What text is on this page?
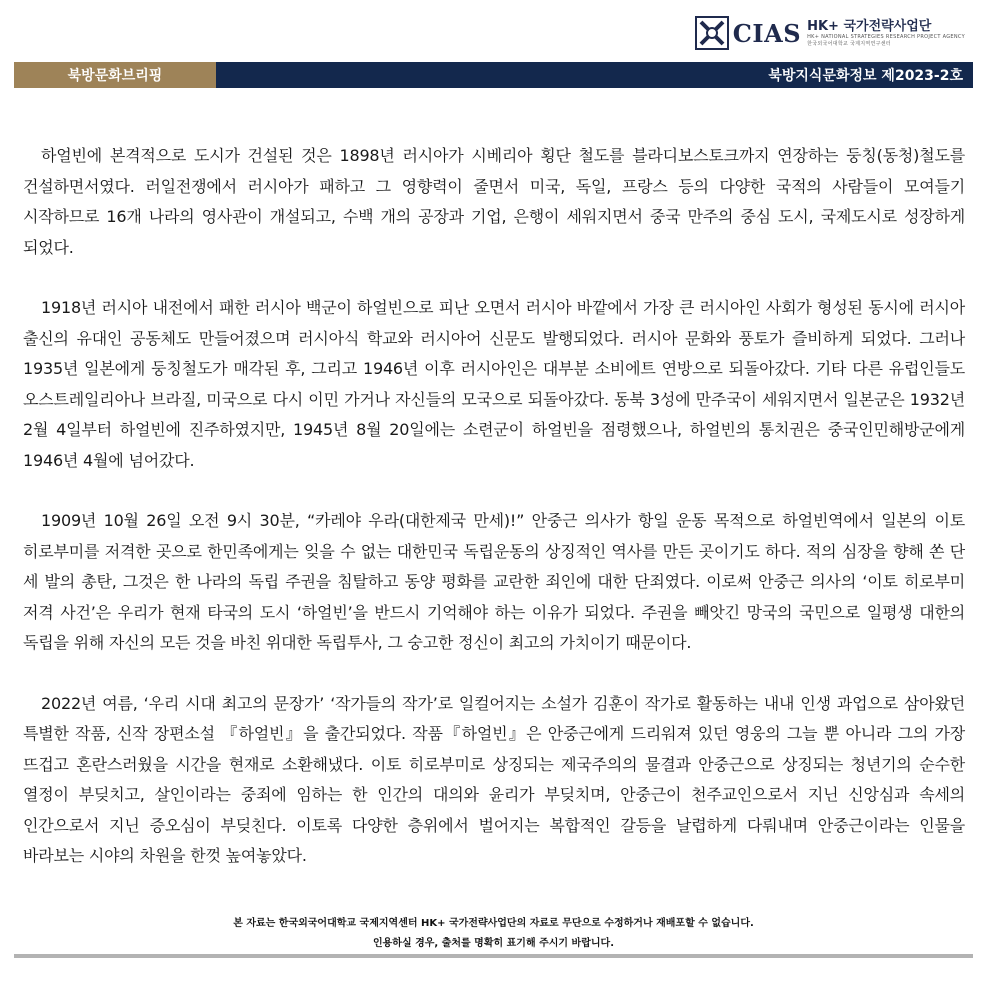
CIAS HK+ 국가전략사업단
HK+ NATIONAL STRATEGIES RESEARCH PROJECT AGENCY
한국외국어대학교 국제지역연구센터
북방문화브리핑	북방지식문화정보 제2023-2호

하얼빈에 본격적으로 도시가 건설된 것은 1898년 러시아가 시베리아 횡단 철도를 블라디보스토크까지 연장하는 둥칭(동청)철도를 건설하면서였다. 러일전쟁에서 러시아가 패하고 그 영향력이 줄면서 미국, 독일, 프랑스 등의 다양한 국적의 사람들이 모여들기 시작하므로 16개 나라의 영사관이 개설되고, 수백 개의 공장과 기업, 은행이 세워지면서 중국 만주의 중심 도시, 국제도시로 성장하게 되었다.

1918년 러시아 내전에서 패한 러시아 백군이 하얼빈으로 피난 오면서 러시아 바깥에서 가장 큰 러시아인 사회가 형성된 동시에 러시아 출신의 유대인 공동체도 만들어졌으며 러시아식 학교와 러시아어 신문도 발행되었다. 러시아 문화와 풍토가 즐비하게 되었다. 그러나 1935년 일본에게 둥칭철도가 매각된 후, 그리고 1946년 이후 러시아인은 대부분 소비에트 연방으로 되돌아갔다. 기타 다른 유럽인들도 오스트레일리아나 브라질, 미국으로 다시 이민 가거나 자신들의 모국으로 되돌아갔다. 동북 3성에 만주국이 세워지면서 일본군은 1932년 2월 4일부터 하얼빈에 진주하였지만, 1945년 8월 20일에는 소련군이 하얼빈을 점령했으나, 하얼빈의 통치권은 중국인민해방군에게 1946년 4월에 넘어갔다.

1909년 10월 26일 오전 9시 30분, “카레야 우라(대한제국 만세)!” 안중근 의사가 항일 운동 목적으로 하얼빈역에서 일본의 이토 히로부미를 저격한 곳으로 한민족에게는 잊을 수 없는 대한민국 독립운동의 상징적인 역사를 만든 곳이기도 하다. 적의 심장을 향해 쏜 단 세 발의 총탄, 그것은 한 나라의 독립 주권을 침탈하고 동양 평화를 교란한 죄인에 대한 단죄였다. 이로써 안중근 의사의 ‘이토 히로부미 저격 사건’은 우리가 현재 타국의 도시 ‘하얼빈’을 반드시 기억해야 하는 이유가 되었다. 주권을 빼앗긴 망국의 국민으로 일평생 대한의 독립을 위해 자신의 모든 것을 바친 위대한 독립투사, 그 숭고한 정신이 최고의 가치이기 때문이다.

2022년 여름, ‘우리 시대 최고의 문장가’ ‘작가들의 작가’로 일컬어지는 소설가 김훈이 작가로 활동하는 내내 인생 과업으로 삼아왔던 특별한 작품, 신작 장편소설 『하얼빈』을 출간되었다. 작품『하얼빈』은 안중근에게 드리워져 있던 영웅의 그늘 뿐 아니라 그의 가장 뜨겁고 혼란스러웠을 시간을 현재로 소환해냈다. 이토 히로부미로 상징되는 제국주의의 물결과 안중근으로 상징되는 청년기의 순수한 열정이 부딪치고, 살인이라는 중죄에 임하는 한 인간의 대의와 윤리가 부딪치며, 안중근이 천주교인으로서 지닌 신앙심과 속세의 인간으로서 지닌 증오심이 부딪친다. 이토록 다양한 층위에서 벌어지는 복합적인 갈등을 날렵하게 다뤄내며 안중근이라는 인물을 바라보는 시야의 차원을 한껏 높여놓았다.

본 자료는 한국외국어대학교 국제지역센터 HK+ 국가전략사업단의 자료로 무단으로 수정하거나 재배포할 수 없습니다.
인용하실 경우, 출처를 명확히 표기해 주시기 바랍니다.
